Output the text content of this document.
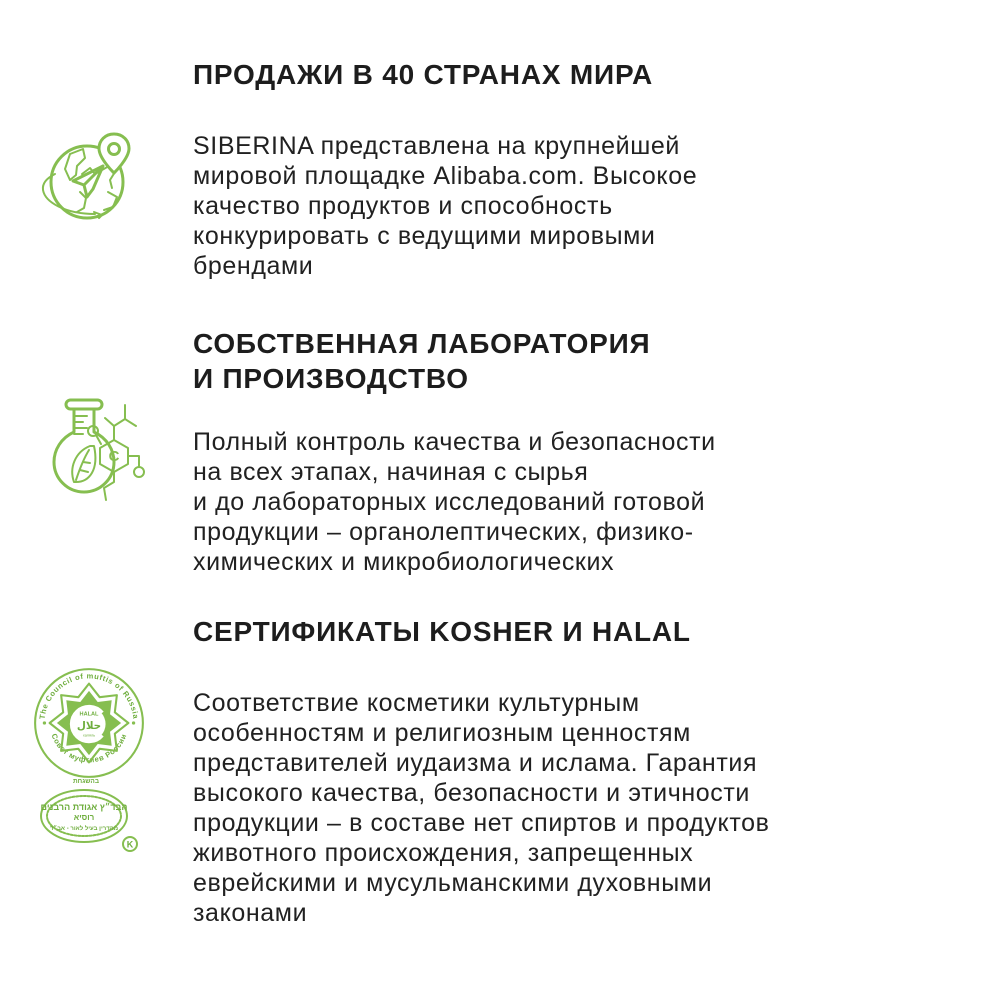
ПРОДАЖИ В 40 СТРАНАХ МИРА
SIBERINA представлена на крупнейшей
мировой площадке Alibaba.com. Высокое
качество продуктов и способность
конкурировать с ведущими мировыми
брендами
СОБСТВЕННАЯ ЛАБОРАТОРИЯ
И ПРОИЗВОДСТВО
C
Полный контроль качества и безопасности
на всех этапах, начиная с сырья
и до лабораторных исследований готовой
продукции – органолептических, физико-
химических и микробиологических
СЕРТИФИКАТЫ KOSHER И HALAL
The Council of muftis of Russia
Совет муфтиев России
HALAL
حلال
халяль
בהשגחת
הבד״ץ אגודת הרבנים
רוסיא
מהדרין בעיל לאור - אב״ד
K
Соответствие косметики культурным
особенностям и религиозным ценностям
представителей иудаизма и ислама. Гарантия
высокого качества, безопасности и этичности
продукции – в составе нет спиртов и продуктов
животного происхождения, запрещенных
еврейскими и мусульманскими духовными
законами
